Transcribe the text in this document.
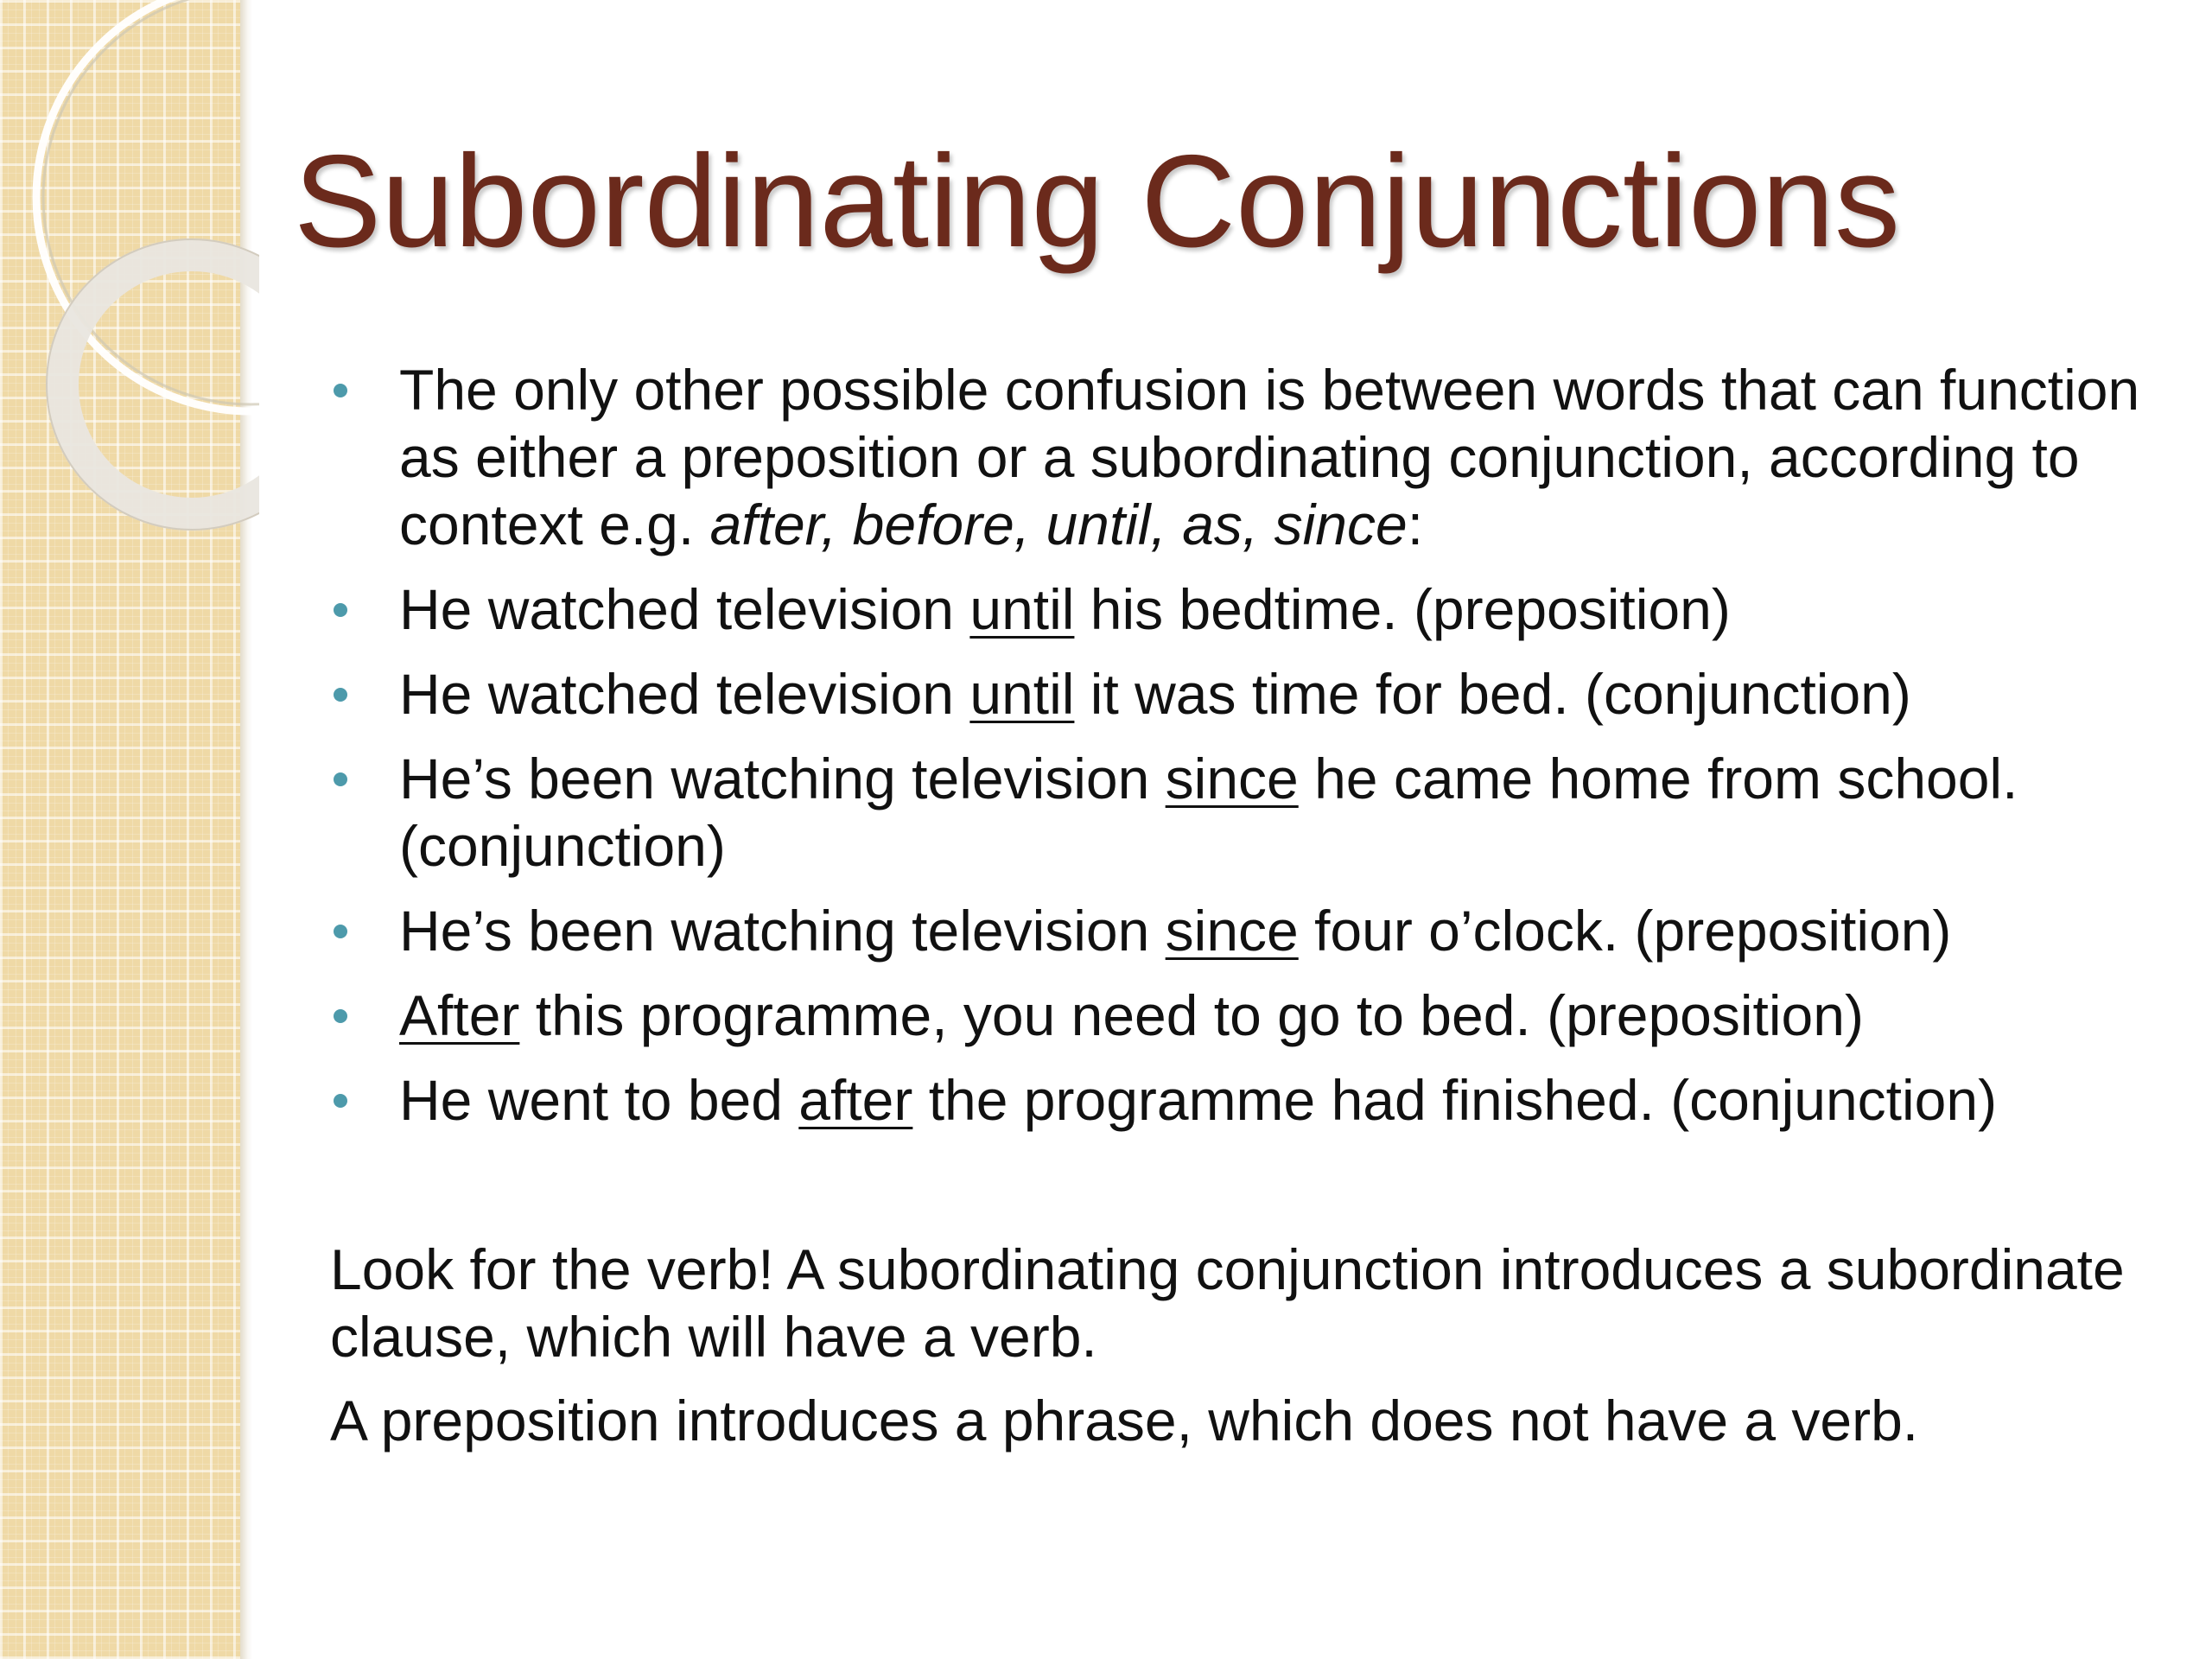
Subordinating Conjunctions
The only other possible confusion is between words that can function as either a preposition or a subordinating conjunction, according to context e.g. after, before, until, as, since:
He watched television until his bedtime. (preposition)
He watched television until it was time for bed. (conjunction)
He’s been watching television since he came home from school. (conjunction)
He’s been watching television since four o’clock. (preposition)
After this programme, you need to go to bed. (preposition)
He went to bed after the programme had finished. (conjunction)

Look for the verb! A subordinating conjunction introduces a subordinate clause, which will have a verb.

A preposition introduces a phrase, which does not have a verb.
